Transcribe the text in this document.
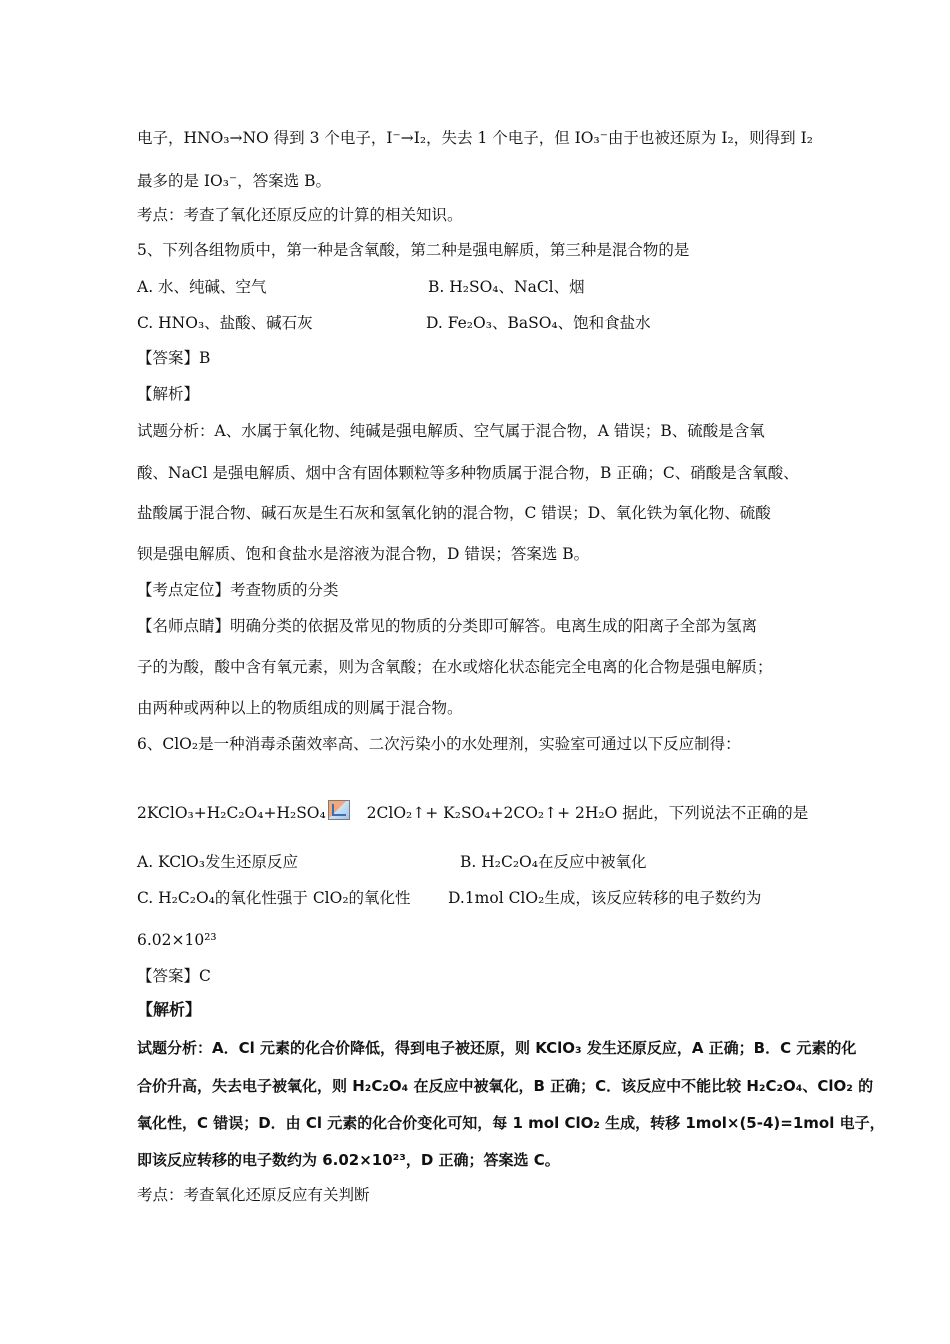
电子，HNO₃→NO 得到 3 个电子，I⁻→I₂，失去 1 个电子，但 IO₃⁻由于也被还原为 I₂，则得到 I₂
最多的是 IO₃⁻，答案选 B。
考点：考查了氧化还原反应的计算的相关知识。
5、下列各组物质中，第一种是含氧酸，第二种是强电解质，第三种是混合物的是
A. 水、纯碱、空气	B. H₂SO₄、NaCl、烟
C. HNO₃、盐酸、碱石灰	D. Fe₂O₃、BaSO₄、饱和食盐水
【答案】B
【解析】
试题分析：A、水属于氧化物、纯碱是强电解质、空气属于混合物，A 错误；B、硫酸是含氧
酸、NaCl 是强电解质、烟中含有固体颗粒等多种物质属于混合物，B 正确；C、硝酸是含氧酸、
盐酸属于混合物、碱石灰是生石灰和氢氧化钠的混合物，C 错误；D、氧化铁为氧化物、硫酸
钡是强电解质、饱和食盐水是溶液为混合物，D 错误；答案选 B。
【考点定位】考查物质的分类
【名师点睛】明确分类的依据及常见的物质的分类即可解答。电离生成的阳离子全部为氢离
子的为酸，酸中含有氧元素，则为含氧酸；在水或熔化状态能完全电离的化合物是强电解质；
由两种或两种以上的物质组成的则属于混合物。
6、ClO₂是一种消毒杀菌效率高、二次污染小的水处理剂，实验室可通过以下反应制得：
2KClO₃+H₂C₂O₄+H₂SO₄	2ClO₂↑+ K₂SO₄+2CO₂↑+ 2H₂O 据此，下列说法不正确的是
A. KClO₃发生还原反应	B. H₂C₂O₄在反应中被氧化
C. H₂C₂O₄的氧化性强于 ClO₂的氧化性 D.1mol ClO₂生成，该反应转移的电子数约为
6.02×10²³
【答案】C
【解析】
试题分析：A．Cl 元素的化合价降低，得到电子被还原，则 KClO₃ 发生还原反应，A 正确；B．C 元素的化
合价升高，失去电子被氧化，则 H₂C₂O₄ 在反应中被氧化，B 正确；C．该反应中不能比较 H₂C₂O₄、ClO₂ 的
氧化性，C 错误；D．由 Cl 元素的化合价变化可知，每 1 mol ClO₂ 生成，转移 1mol×(5-4)=1mol 电子，
即该反应转移的电子数约为 6.02×10²³，D 正确；答案选 C。
考点：考查氧化还原反应有关判断
